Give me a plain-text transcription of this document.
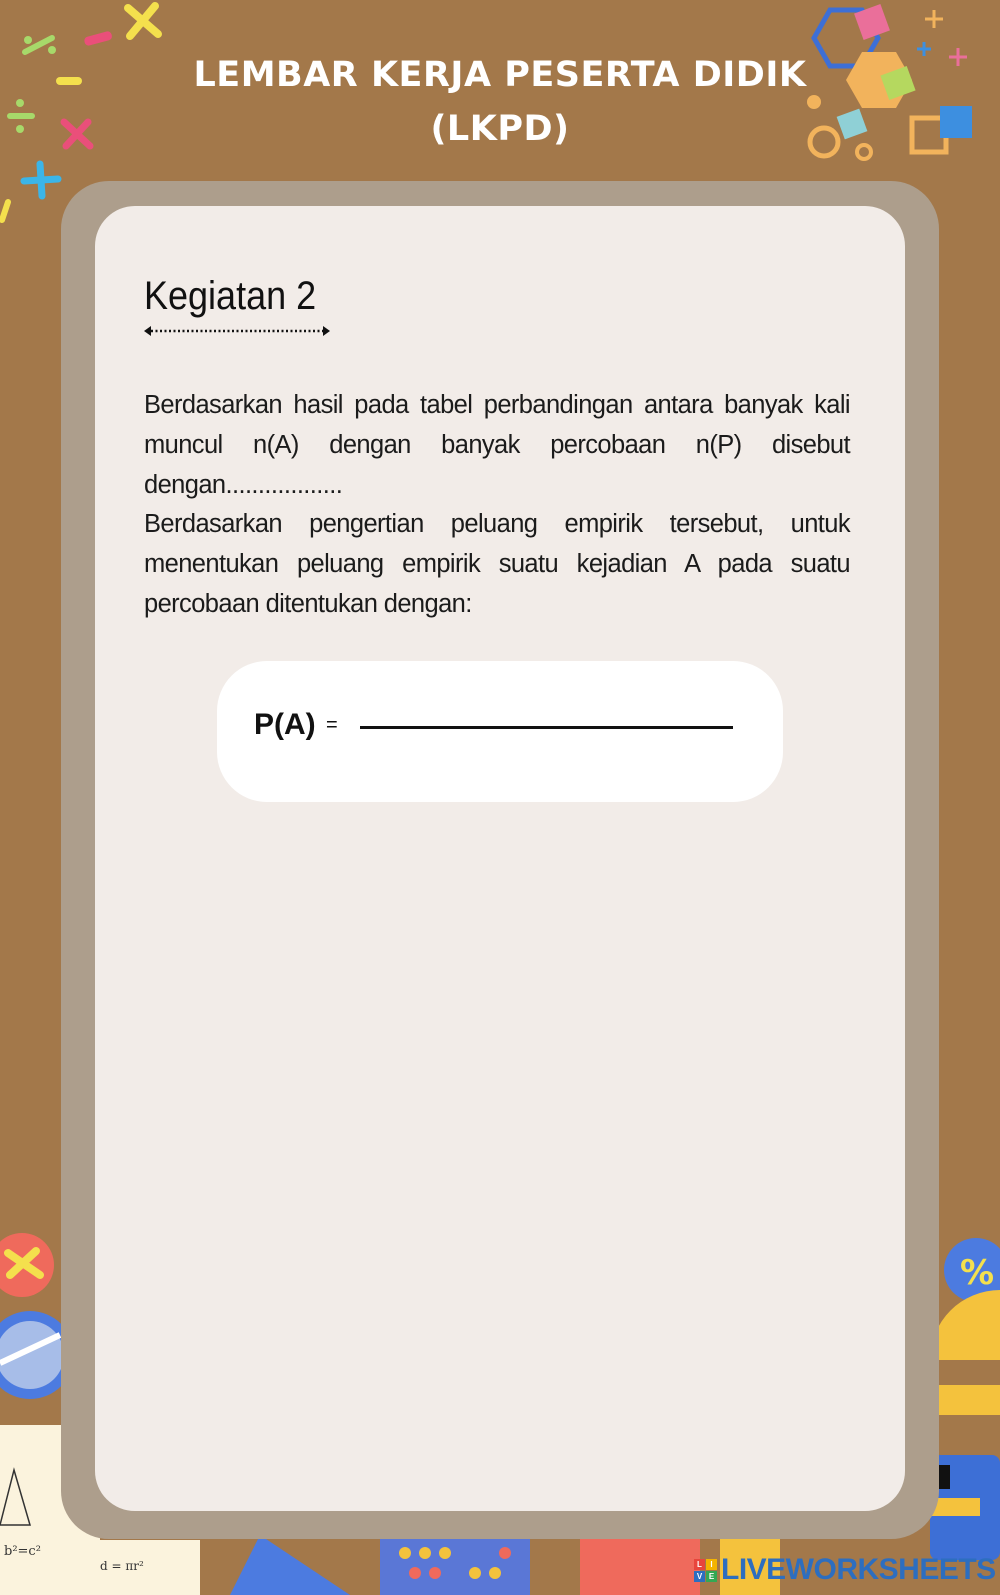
b²=c²
d = πr²
%
LEMBAR KERJA PESERTA DIDIK
(LKPD)
Kegiatan 2

Berdasarkan hasil pada tabel perbandingan antara banyak kali muncul n(A) dengan banyak percobaan n(P) disebut dengan..................

Berdasarkan pengertian peluang empirik tersebut, untuk menentukan peluang empirik suatu kejadian A pada suatu percobaan ditentukan dengan:

P(A) =
L	I
V E LIVEWORKSHEETS
